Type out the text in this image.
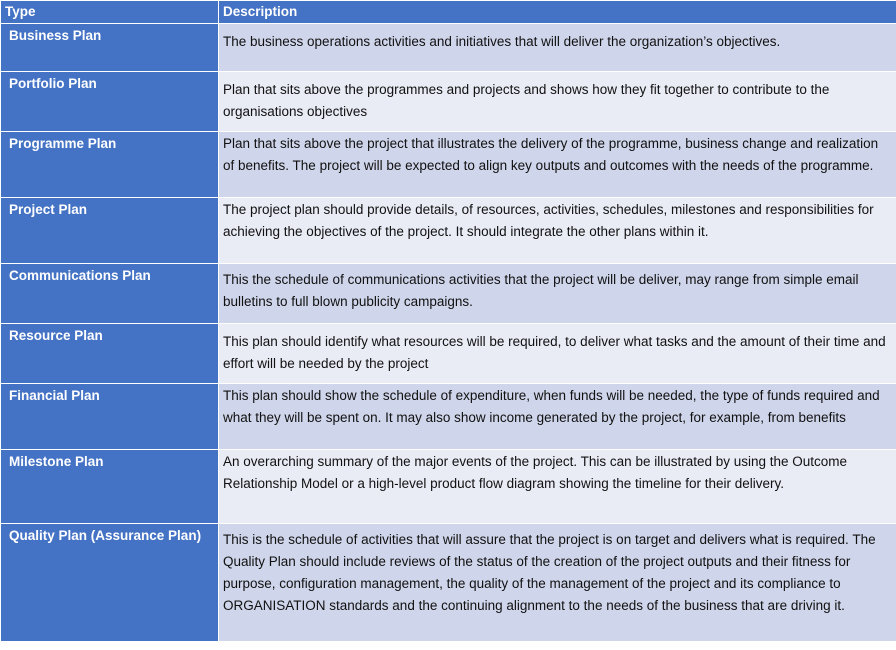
Type	Description
Business Plan	The business operations activities and initiatives that will deliver the organization’s objectives.
Portfolio Plan	Plan that sits above the programmes and projects and shows how they fit together to contribute to the organisations objectives
Programme Plan	Plan that sits above the project that illustrates the delivery of the programme, business change and realization of benefits. The project will be expected to align key outputs and outcomes with the needs of the programme.
Project Plan	The project plan should provide details, of resources, activities, schedules, milestones and responsibilities for achieving the objectives of the project. It should integrate the other plans within it.
Communications Plan	This the schedule of communications activities that the project will be deliver, may range from simple email bulletins to full blown publicity campaigns.
Resource Plan	This plan should identify what resources will be required, to deliver what tasks and the amount of their time and effort will be needed by the project
Financial Plan	This plan should show the schedule of expenditure, when funds will be needed, the type of funds required and what they will be spent on. It may also show income generated by the project, for example, from benefits
Milestone Plan	An overarching summary of the major events of the project. This can be illustrated by using the Outcome Relationship Model or a high-level product flow diagram showing the timeline for their delivery.
Quality Plan (Assurance Plan)	This is the schedule of activities that will assure that the project is on target and delivers what is required. The Quality Plan should include reviews of the status of the creation of the project outputs and their fitness for purpose, configuration management, the quality of the management of the project and its compliance to ORGANISATION standards and the continuing alignment to the needs of the business that are driving it.
